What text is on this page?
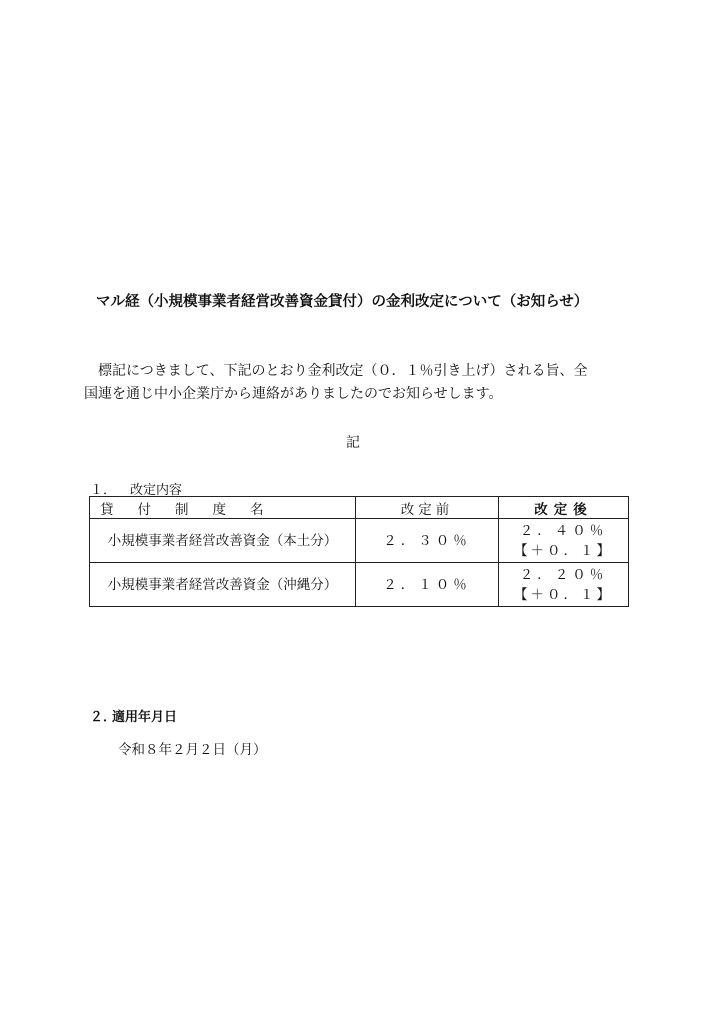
マル経（小規模事業者経営改善資金貸付）の金利改定について（お知らせ）
　標記につきまして、下記のとおり金利改定（０．１％引き上げ）される旨、全
国連を通じ中小企業庁から連絡がありましたのでお知らせします。
記
１． 改定内容
貸付制度名	改定前	改定後
小規模事業者経営改善資金（本土分）	２．３０％	２．４０％
【＋０．１】

小規模事業者経営改善資金（沖縄分）	２．１０％	２．２０％
【＋０．１】
２．適用年月日
令和８年２月２日（月）
